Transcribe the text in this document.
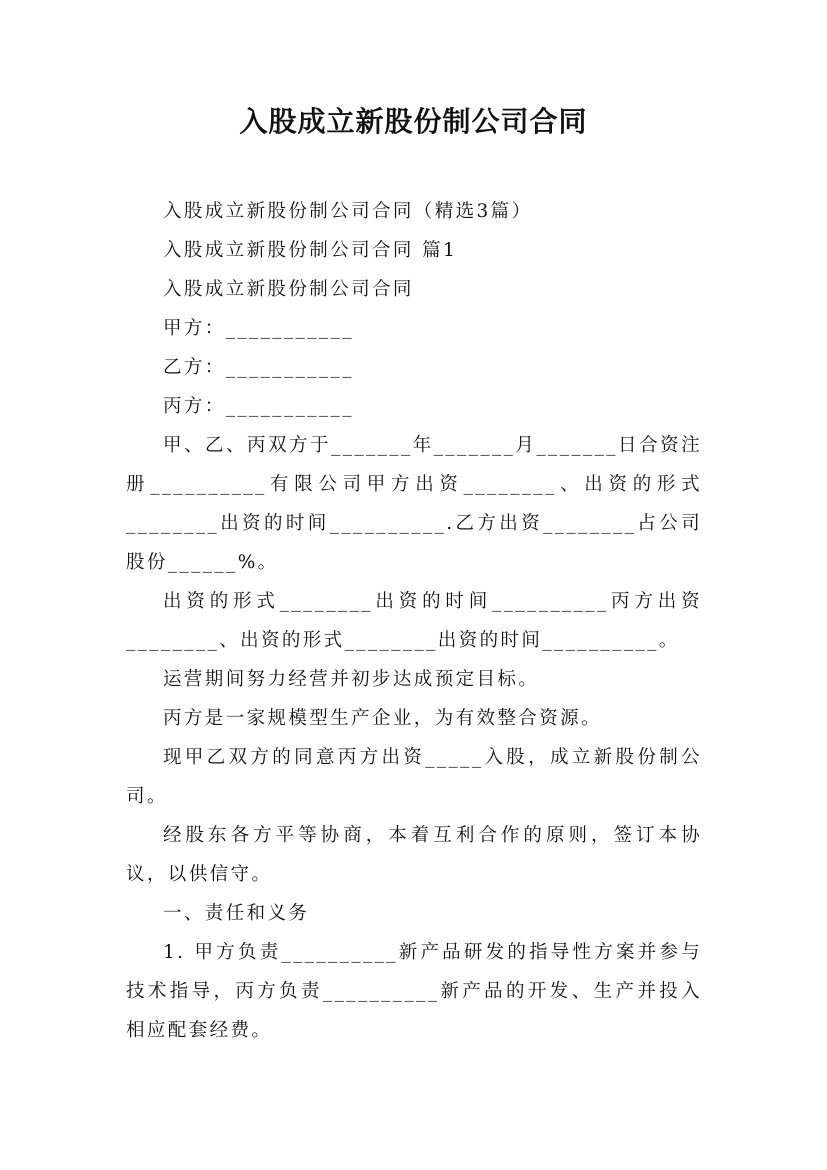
入股成立新股份制公司合同

入股成立新股份制公司合同（精选3篇）

入股成立新股份制公司合同 篇1

入股成立新股份制公司合同

甲方：___________

乙方：___________

丙方：___________

甲、乙、丙双方于_______年_______月_______日合资注册__________有限公司甲方出资________、出资的形式________出资的时间__________.乙方出资________占公司股份______%。

出资的形式________出资的时间__________丙方出资________、出资的形式________出资的时间__________。

运营期间努力经营并初步达成预定目标。

丙方是一家规模型生产企业，为有效整合资源。

现甲乙双方的同意丙方出资_____入股，成立新股份制公司。

经股东各方平等协商，本着互利合作的原则，签订本协议，以供信守。

一、责任和义务

1. 甲方负责__________新产品研发的指导性方案并参与技术指导，丙方负责__________新产品的开发、生产并投入相应配套经费。
